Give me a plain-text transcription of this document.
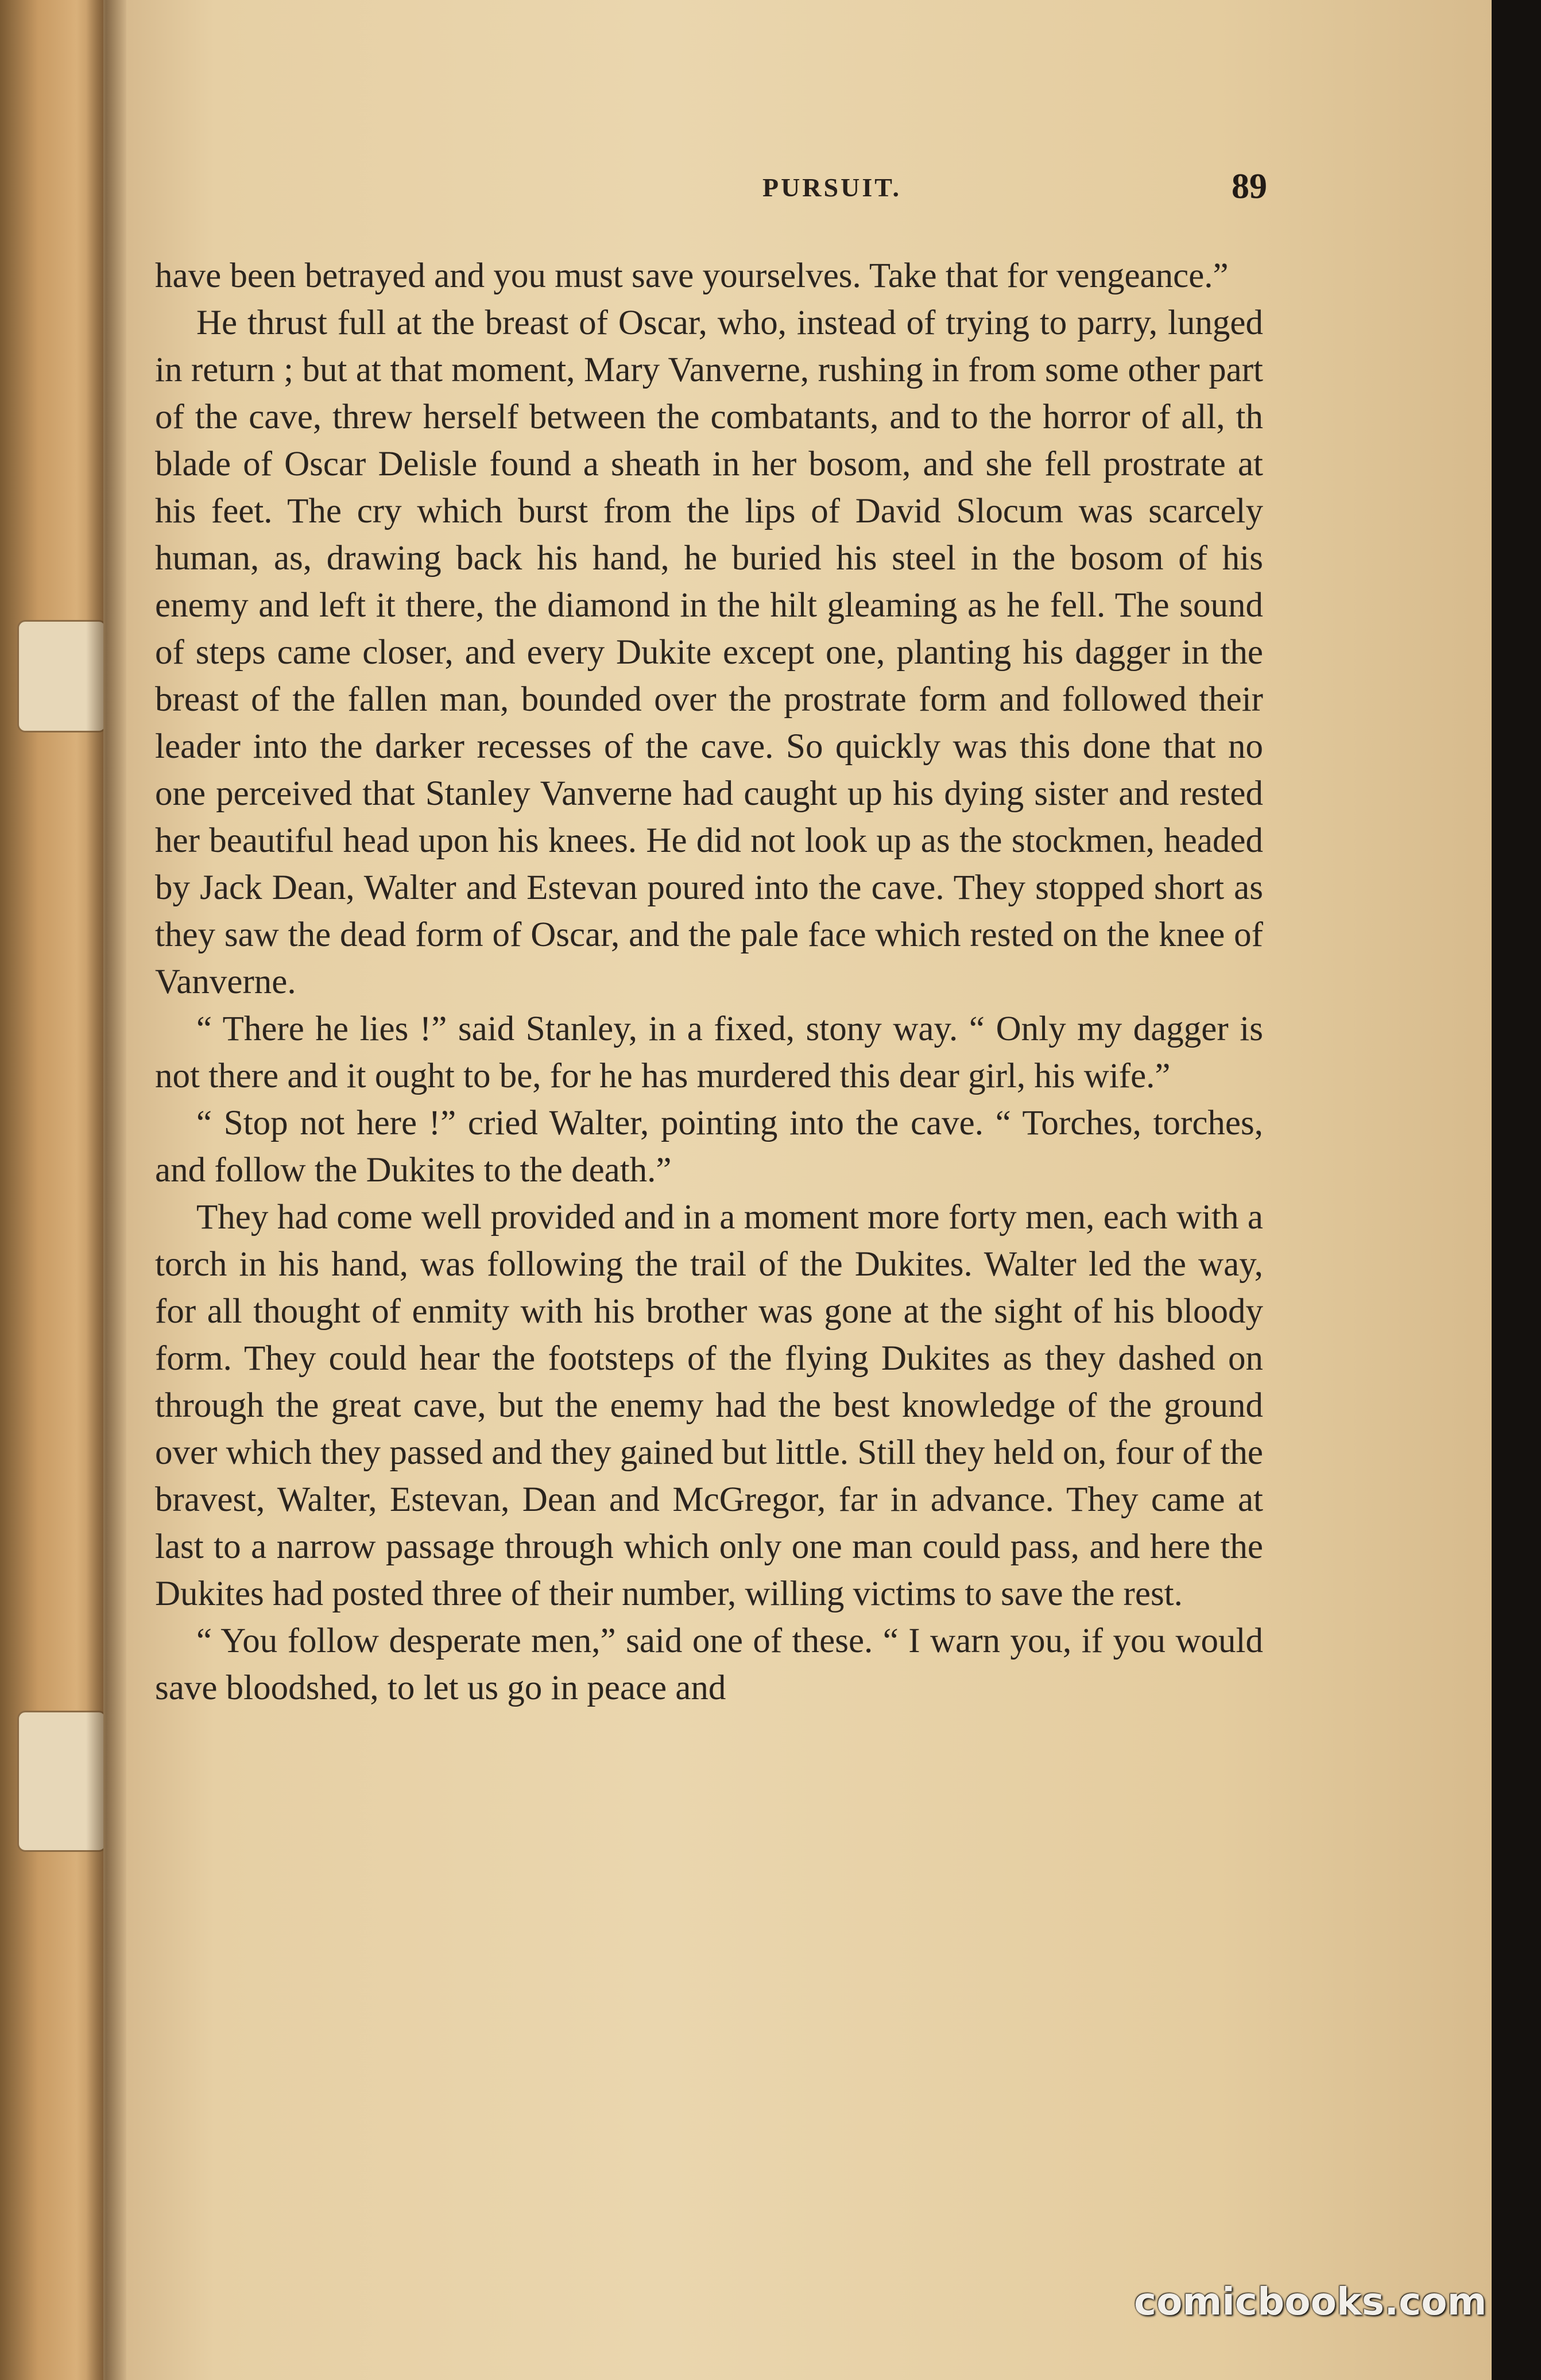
PURSUIT.	89

have been betrayed and you must save yourselves. Take that for vengeance.”

He thrust full at the breast of Oscar, who, instead of trying to parry, lunged in return ; but at that moment, Mary Vanverne, rushing in from some other part of the cave, threw herself between the combatants, and to the horror of all, th blade of Oscar Delisle found a sheath in her bosom, and she fell prostrate at his feet. The cry which burst from the lips of David Slocum was scarcely human, as, drawing back his hand, he buried his steel in the bosom of his enemy and left it there, the diamond in the hilt gleaming as he fell. The sound of steps came closer, and every Dukite except one, planting his dagger in the breast of the fallen man, bounded over the prostrate form and followed their leader into the darker recesses of the cave. So quickly was this done that no one perceived that Stanley Vanverne had caught up his dying sister and rested her beautiful head upon his knees. He did not look up as the stockmen, headed by Jack Dean, Walter and Estevan poured into the cave. They stopped short as they saw the dead form of Oscar, and the pale face which rested on the knee of Vanverne.

“ There he lies !” said Stanley, in a fixed, stony way. “ Only my dagger is not there and it ought to be, for he has murdered this dear girl, his wife.”

“ Stop not here !” cried Walter, pointing into the cave. “ Torches, torches, and follow the Dukites to the death.”

They had come well provided and in a moment more forty men, each with a torch in his hand, was following the trail of the Dukites. Walter led the way, for all thought of enmity with his brother was gone at the sight of his bloody form. They could hear the footsteps of the flying Dukites as they dashed on through the great cave, but the enemy had the best knowledge of the ground over which they passed and they gained but little. Still they held on, four of the bravest, Walter, Estevan, Dean and McGregor, far in advance. They came at last to a narrow passage through which only one man could pass, and here the Dukites had posted three of their number, willing victims to save the rest.

“ You follow desperate men,” said one of these. “ I warn you, if you would save bloodshed, to let us go in peace and

comicbooks.com
